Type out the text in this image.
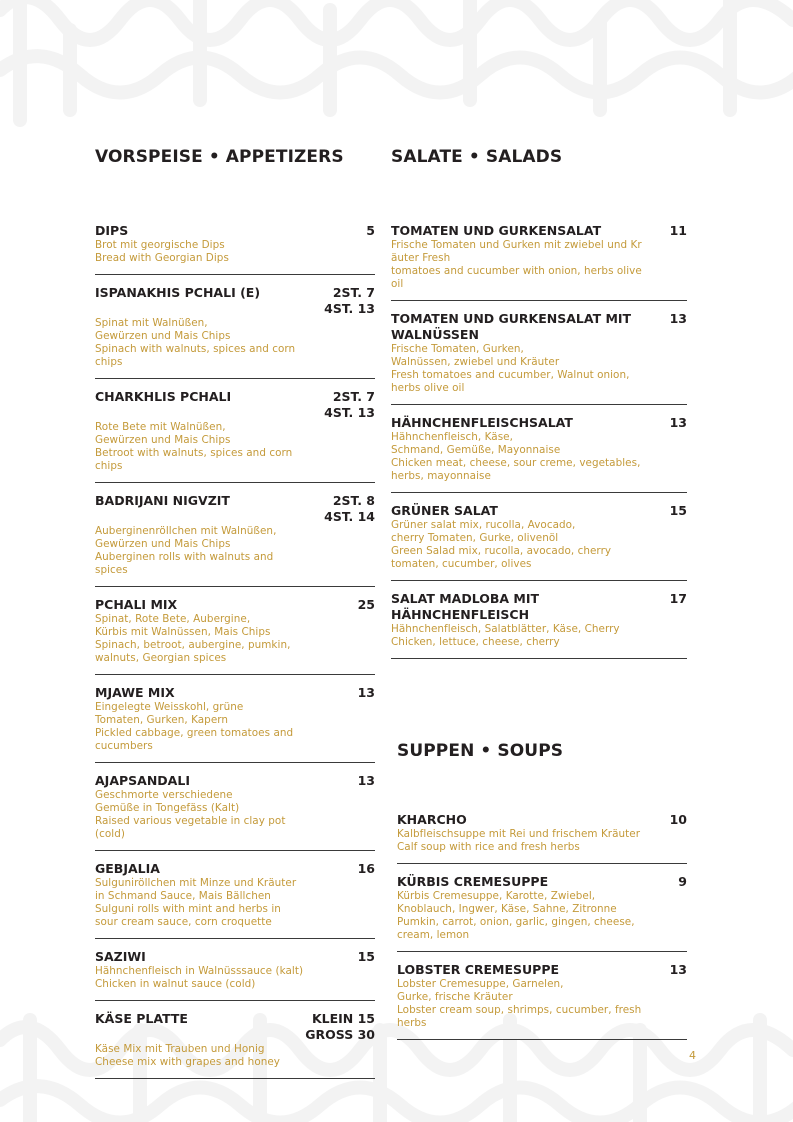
VORSPEISE • APPETIZERS
DIPS	5
Brot mit georgische Dips
Bread with Georgian Dips
ISPANAKHIS PCHALI (E)	2ST. 7
4ST. 13
Spinat mit Walnüßen,
Gewürzen und Mais Chips
Spinach with walnuts, spices and corn
chips
CHARKHLIS PCHALI	2ST. 7
4ST. 13
Rote Bete mit Walnüßen,
Gewürzen und Mais Chips
Betroot with walnuts, spices and corn
chips
BADRIJANI NIGVZIT	2ST. 8
4ST. 14
Auberginenröllchen mit Walnüßen,
Gewürzen und Mais Chips
Auberginen rolls with walnuts and
spices
PCHALI MIX	25
Spinat, Rote Bete, Aubergine,
Kürbis mit Walnüssen, Mais Chips
Spinach, betroot, aubergine, pumkin,
walnuts, Georgian spices
MJAWE MIX	13
Eingelegte Weisskohl, grüne
Tomaten, Gurken, Kapern
Pickled cabbage, green tomatoes and
cucumbers
AJAPSANDALI	13
Geschmorte verschiedene
Gemüße in Tongefäss (Kalt)
Raised various vegetable in clay pot
(cold)
GEBJALIA	16
Sulgunіröllchen mit Minze und Kräuter
in Schmand Sauce, Mais Bällchen
Sulguni rolls with mint and herbs in
sour cream sauce, corn croquette
SAZIWI	15
Hähnchenfleisch in Walnüsssauce (kalt)
Chicken in walnut sauce (cold)
KÄSE PLATTE	KLEIN 15
GROSS 30
Käse Mix mit Trauben und Honig
Cheese mix with grapes and honey
SALATE • SALADS
TOMATEN UND GURKENSALAT	11
Frische Tomaten und Gurken mit zwiebel und Kr
äuter Fresh
tomatoes and cucumber with onion, herbs olive
oil
TOMATEN UND GURKENSALAT MIT WALNÜSSEN
13
Frische Tomaten, Gurken,
Walnüssen, zwiebel und Kräuter
Fresh tomatoes and cucumber, Walnut onion,
herbs olive oil
HÄHNCHENFLEISCHSALAT	13
Hähnchenfleisch, Käse,
Schmand, Gemüße, Mayonnaise
Chicken meat, cheese, sour creme, vegetables,
herbs, mayonnaise
GRÜNER SALAT	15
Grüner salat mix, rucolla, Avocado,
cherry Tomaten, Gurke, olivenöl
Green Salad mix, rucolla, avocado, cherry
tomaten, cucumber, olives
SALAT MADLOBA MIT HÄHNCHENFLEISCH
17
Hähnchenfleisch, Salatblätter, Käse, Cherry
Chicken, lettuce, cheese, cherry
SUPPEN • SOUPS
KHARCHO	10
Kalbfleischsuppe mit Rei und frischem Kräuter
Calf soup with rice and fresh herbs
KÜRBIS CREMESUPPE	9
Kürbis Cremesuppe, Karotte, Zwiebel,
Knoblauch, Ingwer, Käse, Sahne, Zitronne
Pumkin, carrot, onion, garlic, gingen, cheese,
cream, lemon
LOBSTER CREMESUPPE	13
Lobster Cremesuppe, Garnelen,
Gurke, frische Kräuter
Lobster cream soup, shrimps, cucumber, fresh
herbs
4
